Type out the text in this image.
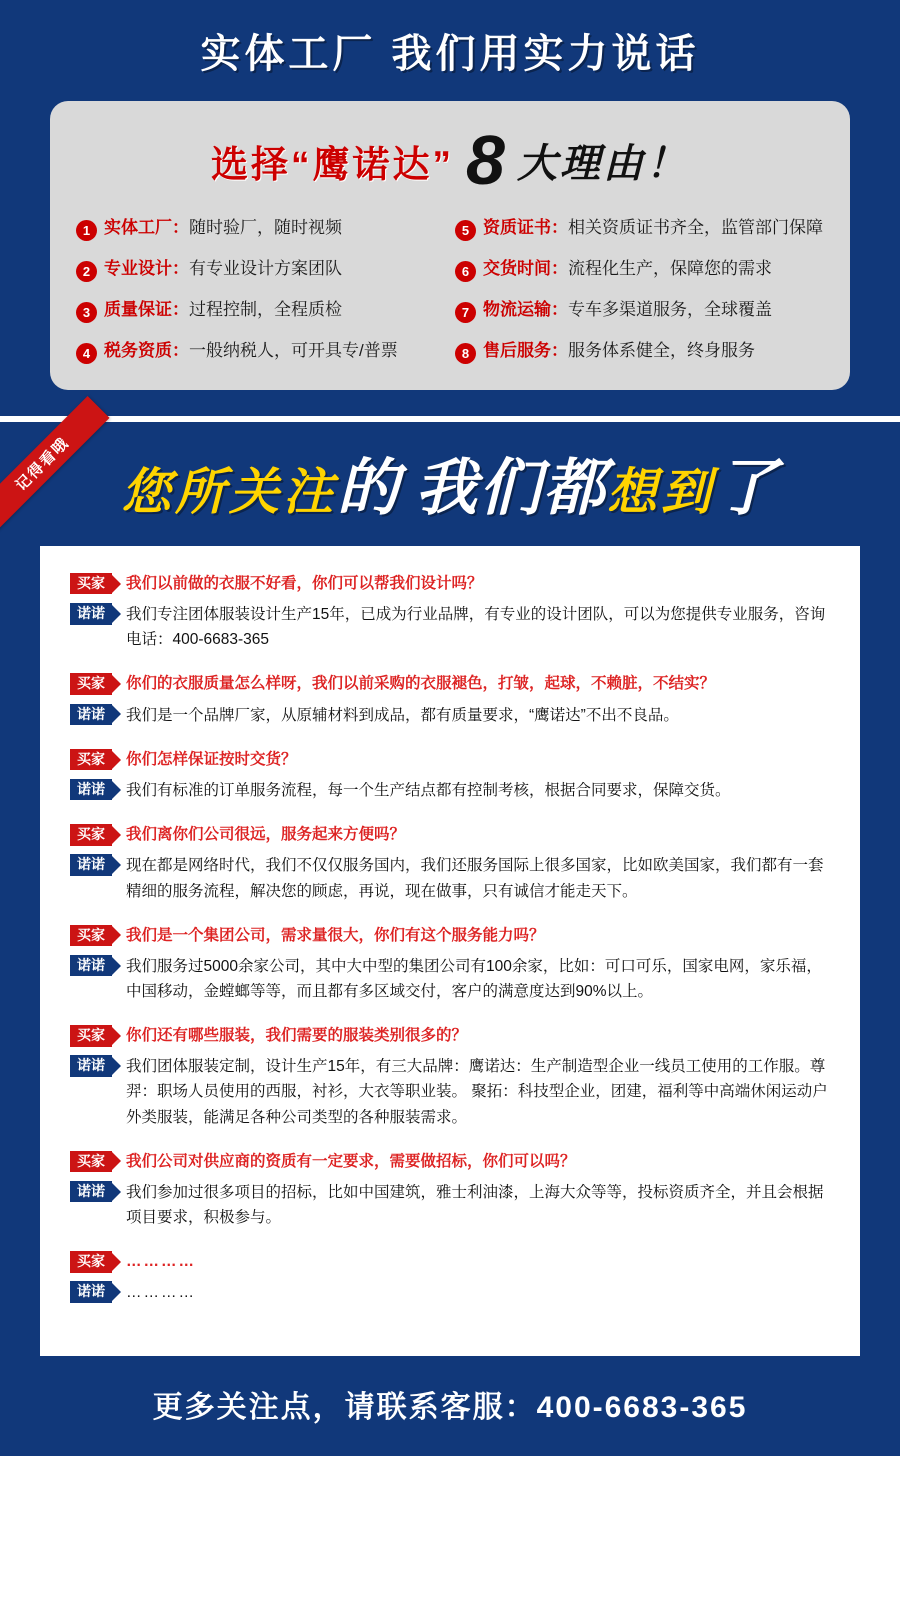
实体工厂 我们用实力说话
选择“鹰诺达” 8 大理由！
1 实体工厂：随时验厂，随时视频	5 资质证书：相关资质证书齐全，监管部门保障
2 专业设计：有专业设计方案团队	6 交货时间：流程化生产，保障您的需求
3 质量保证：过程控制，全程质检	7 物流运输：专车多渠道服务，全球覆盖
4 税务资质：一般纳税人，可开具专/普票	8 售后服务：服务体系健全，终身服务
记得看哦 您所关注的 我们都想到了
买家	我们以前做的衣服不好看，你们可以帮我们设计吗？
诺诺	我们专注团体服装设计生产15年，已成为行业品牌，有专业的设计团队，可以为您提供专业服务，咨询电话：400-6683-365
买家	你们的衣服质量怎么样呀，我们以前采购的衣服褪色，打皱，起球，不赖脏，不结实？
诺诺	我们是一个品牌厂家，从原辅材料到成品，都有质量要求，“鹰诺达”不出不良品。
买家	你们怎样保证按时交货？
诺诺	我们有标准的订单服务流程，每一个生产结点都有控制考核，根据合同要求，保障交货。
买家	我们离你们公司很远，服务起来方便吗？
诺诺	现在都是网络时代，我们不仅仅服务国内，我们还服务国际上很多国家，比如欧美国家，我们都有一套精细的服务流程，解决您的顾虑，再说，现在做事，只有诚信才能走天下。
买家	我们是一个集团公司，需求量很大，你们有这个服务能力吗？
诺诺	我们服务过5000余家公司，其中大中型的集团公司有100余家，比如：可口可乐，国家电网，家乐福，中国移动，金螳螂等等，而且都有多区域交付，客户的满意度达到90%以上。
买家	你们还有哪些服装，我们需要的服装类别很多的？
诺诺	我们团体服装定制，设计生产15年，有三大品牌：鹰诺达：生产制造型企业一线员工使用的工作服。尊羿：职场人员使用的西服，衬衫，大衣等职业装。 聚拓：科技型企业，团建，福利等中高端休闲运动户外类服装，能满足各种公司类型的各种服装需求。
买家	我们公司对供应商的资质有一定要求，需要做招标，你们可以吗？
诺诺	我们参加过很多项目的招标，比如中国建筑，雅士利油漆，上海大众等等，投标资质齐全，并且会根据项目要求，积极参与。
买家	…………
诺诺	…………
更多关注点，请联系客服：400-6683-365
